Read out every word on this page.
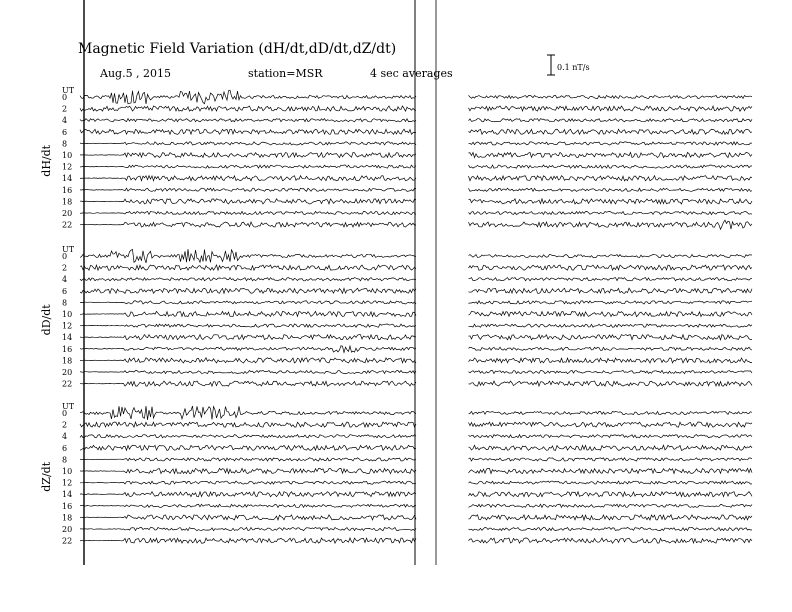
Magnetic Field Variation (dH/dt,dD/dt,dZ/dt)
Aug.5 , 2015	station=MSR	4 sec averages	0.1 nT/s
UT
dH/dt
0
2
4
6
8
10
12
14
16
18
20
22
UT
dD/dt
0
2
4
6
8
10
12
14
16
18
20
22
UT
dZ/dt
0
2
4
6
8
10
12
14
16
18
20
22
